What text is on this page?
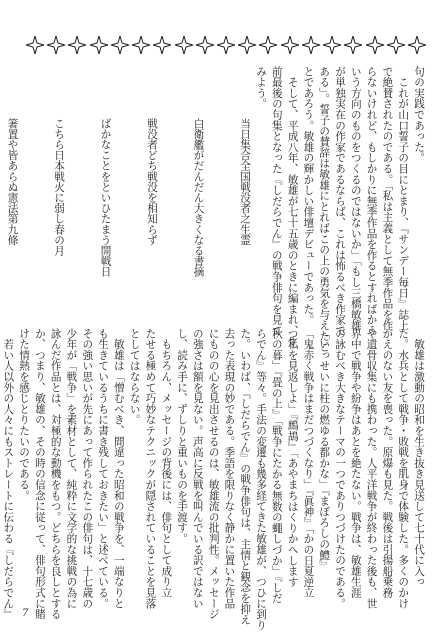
句の実践であった。
　これが山口誓子の目にとまり、『サンデー毎日』誌上
で絶賛されたのである。「私は主義として無季作品を作
らないけれど、もしかりに無季作品を作るとすればかう
いう方向のものをつくるのではないか」「もし三橋敏雄
が単独実在の作家であるならば、これは怖るべき作家で
ある」。誓子の賛辞は敏雄にとればこの上の勇気を与えたこ
とであろう。敏雄の輝かしい俳壇デビューであった。
　そして、平成八年、敏雄が七十五歳のときに編まれ、生
前最後の句集となった『しだらでん』の戦争俳句を見て
みよう。

当日集合全国戦没者之生霊

白衛艦がだんだん大きくなる書摘

戦没者どち戦没を相知らず

ばかなことをといひたまう開戦日

こちら日本戦火に弱し春の月

箸置や皆あらぬ憲法第九條

　敏雄は激動の昭和を生き抜き見送して七十代に入っ
た。水兵として戦争・敗戦を肌身で体験した。多くのかけ
がえのない友を喪った。原爆も見た。戦後は引揚船乗務
や遺骨収集にも携わった。人平洋戦争が終わった後も、世
界中で戦争や紛争はあとを絶たない。戦争は、敏雄生涯
の詠むべき大きなテーマの一つでありつづけたのである。
「いっせいに柱の燃ゆる都かな」『まぼろしの鱧』
「鬼赤く戦争はまだつづくなり」『眞神』「かの日夏逆立
つ私を見返しよ」『鷓鴣』「あやまちはくりかへします
秋の暮」『畳の上』「戦争にたかる無数の蠅しづか」『しだ
らでん』等々。手法の変遷も幾多経てきた敏雄が、つひに到り
た。いわば、『しだらでん』の戦争俳句は、主情と観念を抑え
去った表現の妙である。季語を限りなく静かに置いた作品
にものの心を見出させるのは、敏雄流の批判性。メッセージ
の強さは額を見ない。声高に反戦を叫んでいる訳ではない
し、読み手に、ずしりと重いものを手渡す。
　もちろん、メッセージの背後には、俳句として成り立
たせる極めて巧妙なテクニックが隠されていることを見落
としてはならない。
　敏雄は「憎むべき、間違った昭和の戦争を、一端なりと
も生きているうちに書き残しておきたい」と述べている。
その強い思いが先にあって作られたこの俳句は、十七歳の
少年が「戦争」を素材として、純粋に文学的な挑戦の為に
詠んだ作品とは、対極的な動機をもつ。どちらを良しとする
か、つまり、敏雄の、その時の信念に従って、俳句形式に賭
けた情熱を感じとりたいのである。
　若い人以外の人々にもストレートに伝わる『しだらでん』 7
